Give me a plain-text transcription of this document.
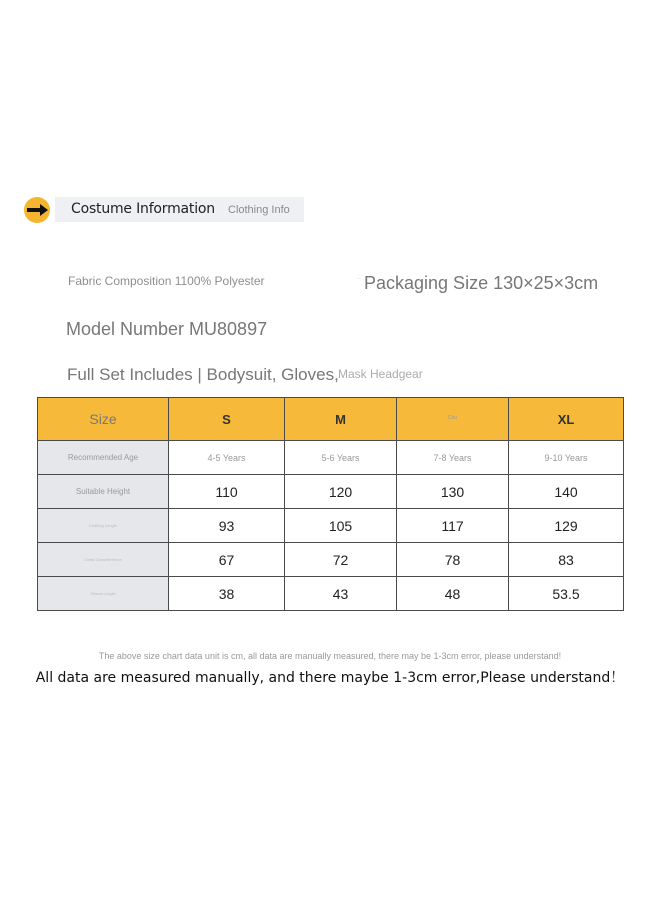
Costume Information Clothing Info
Fabric Composition 1100% Polyester	·· Packaging Size 130×25×3cm
Model Number MU80897
Full Set Includes | Bodysuit, Gloves, Mask Headgear
Size	S	M	Chu	XL
Recommended Age	4-5 Years	5-6 Years	7-8 Years	9-10 Years
Suitable Height	110	120	130	140
Clothing Length	93	105	117	129
Chest Circumference	67	72	78	83
Sleeve Length	38	43	48	53.5
The above size chart data unit is cm, all data are manually measured, there may be 1-3cm error, please understand!
All data are measured manually, and there maybe 1-3cm error,Please understand！
